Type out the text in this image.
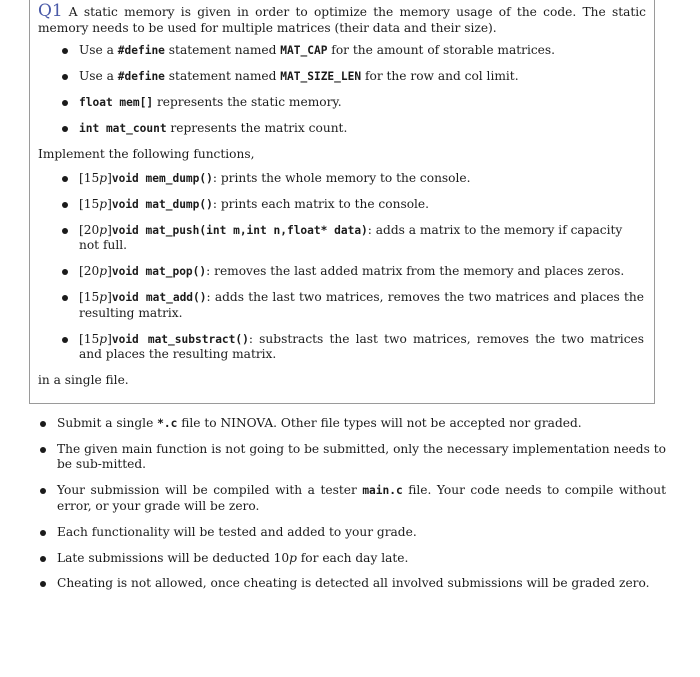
Q1 A static memory is given in order to optimize the memory usage of the code. The static memory needs to be used for multiple matrices (their data and their size).
Use a #define statement named MAT_CAP for the amount of storable matrices.
Use a #define statement named MAT_SIZE_LEN for the row and col limit.
float mem[] represents the static memory.
int mat_count represents the matrix count.
Implement the following functions,
[15p]void mem_dump(): prints the whole memory to the console.
[15p]void mat_dump(): prints each matrix to the console.
[20p]void mat_push(int m,int n,float* data): adds a matrix to the memory if capacity not full.
[20p]void mat_pop(): removes the last added matrix from the memory and places zeros.
[15p]void mat_add(): adds the last two matrices, removes the two matrices and places the resulting matrix.
[15p]void mat_substract(): substracts the last two matrices, removes the two matrices and places the resulting matrix.
in a single file.
Submit a single *.c file to NINOVA. Other file types will not be accepted nor graded.
The given main function is not going to be submitted, only the necessary implementation needs to be sub-mitted.
Your submission will be compiled with a tester main.c file. Your code needs to compile without error, or your grade will be zero.
Each functionality will be tested and added to your grade.
Late submissions will be deducted 10p for each day late.
Cheating is not allowed, once cheating is detected all involved submissions will be graded zero.
